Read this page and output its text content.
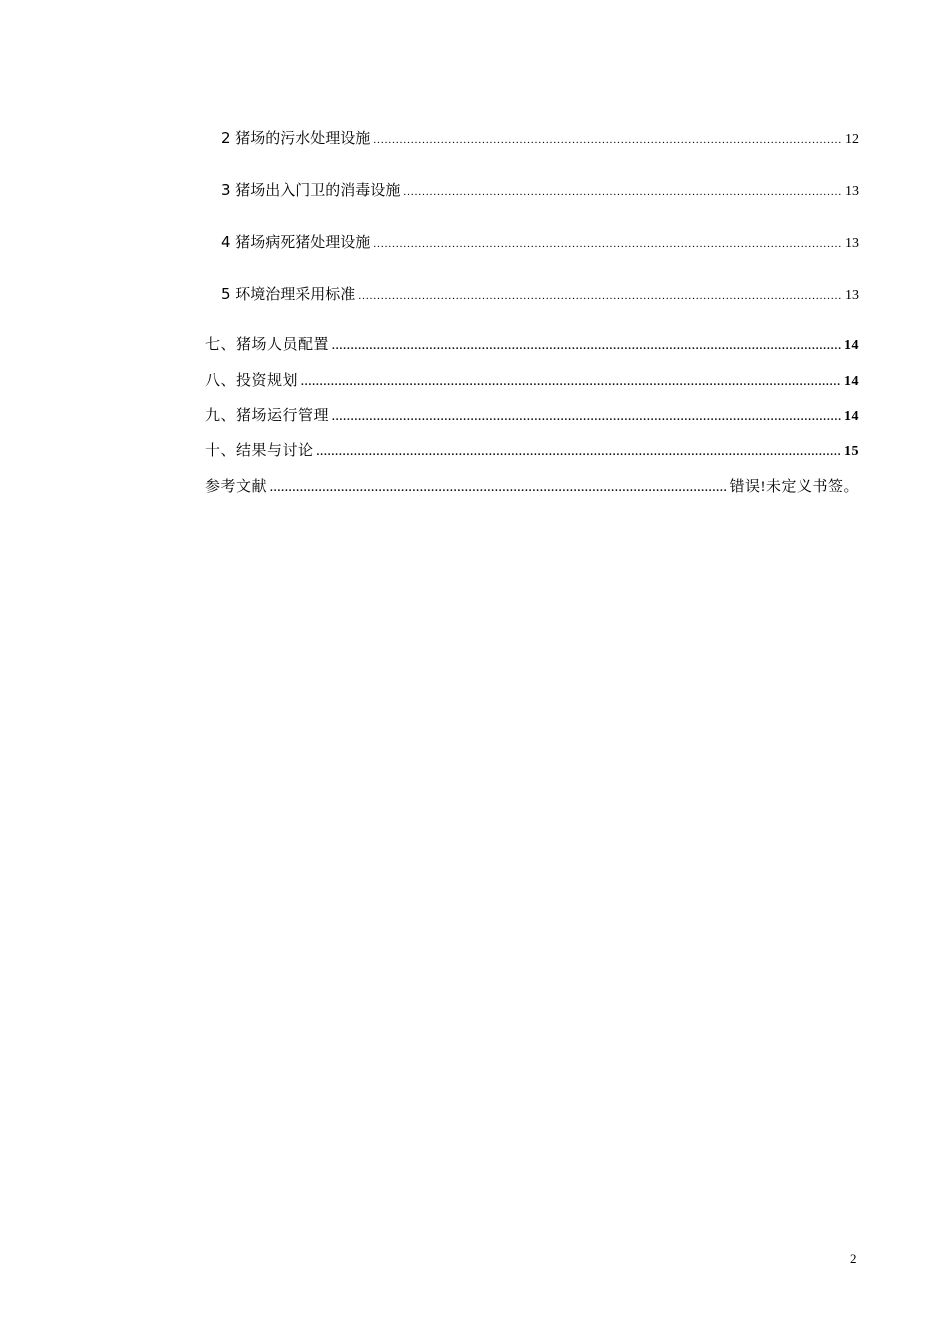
2 猪场的污水处理设施 .....	12
3 猪场出入门卫的消毒设施 .....	13
4 猪场病死猪处理设施 .....	13
5 环境治理采用标准 .....	13
七、猪场人员配置 .....	14
八、投资规划 .....	14
九、猪场运行管理 .....	14
十、结果与讨论 .....	15
参考文献 .....	错误!未定义书签。
2
